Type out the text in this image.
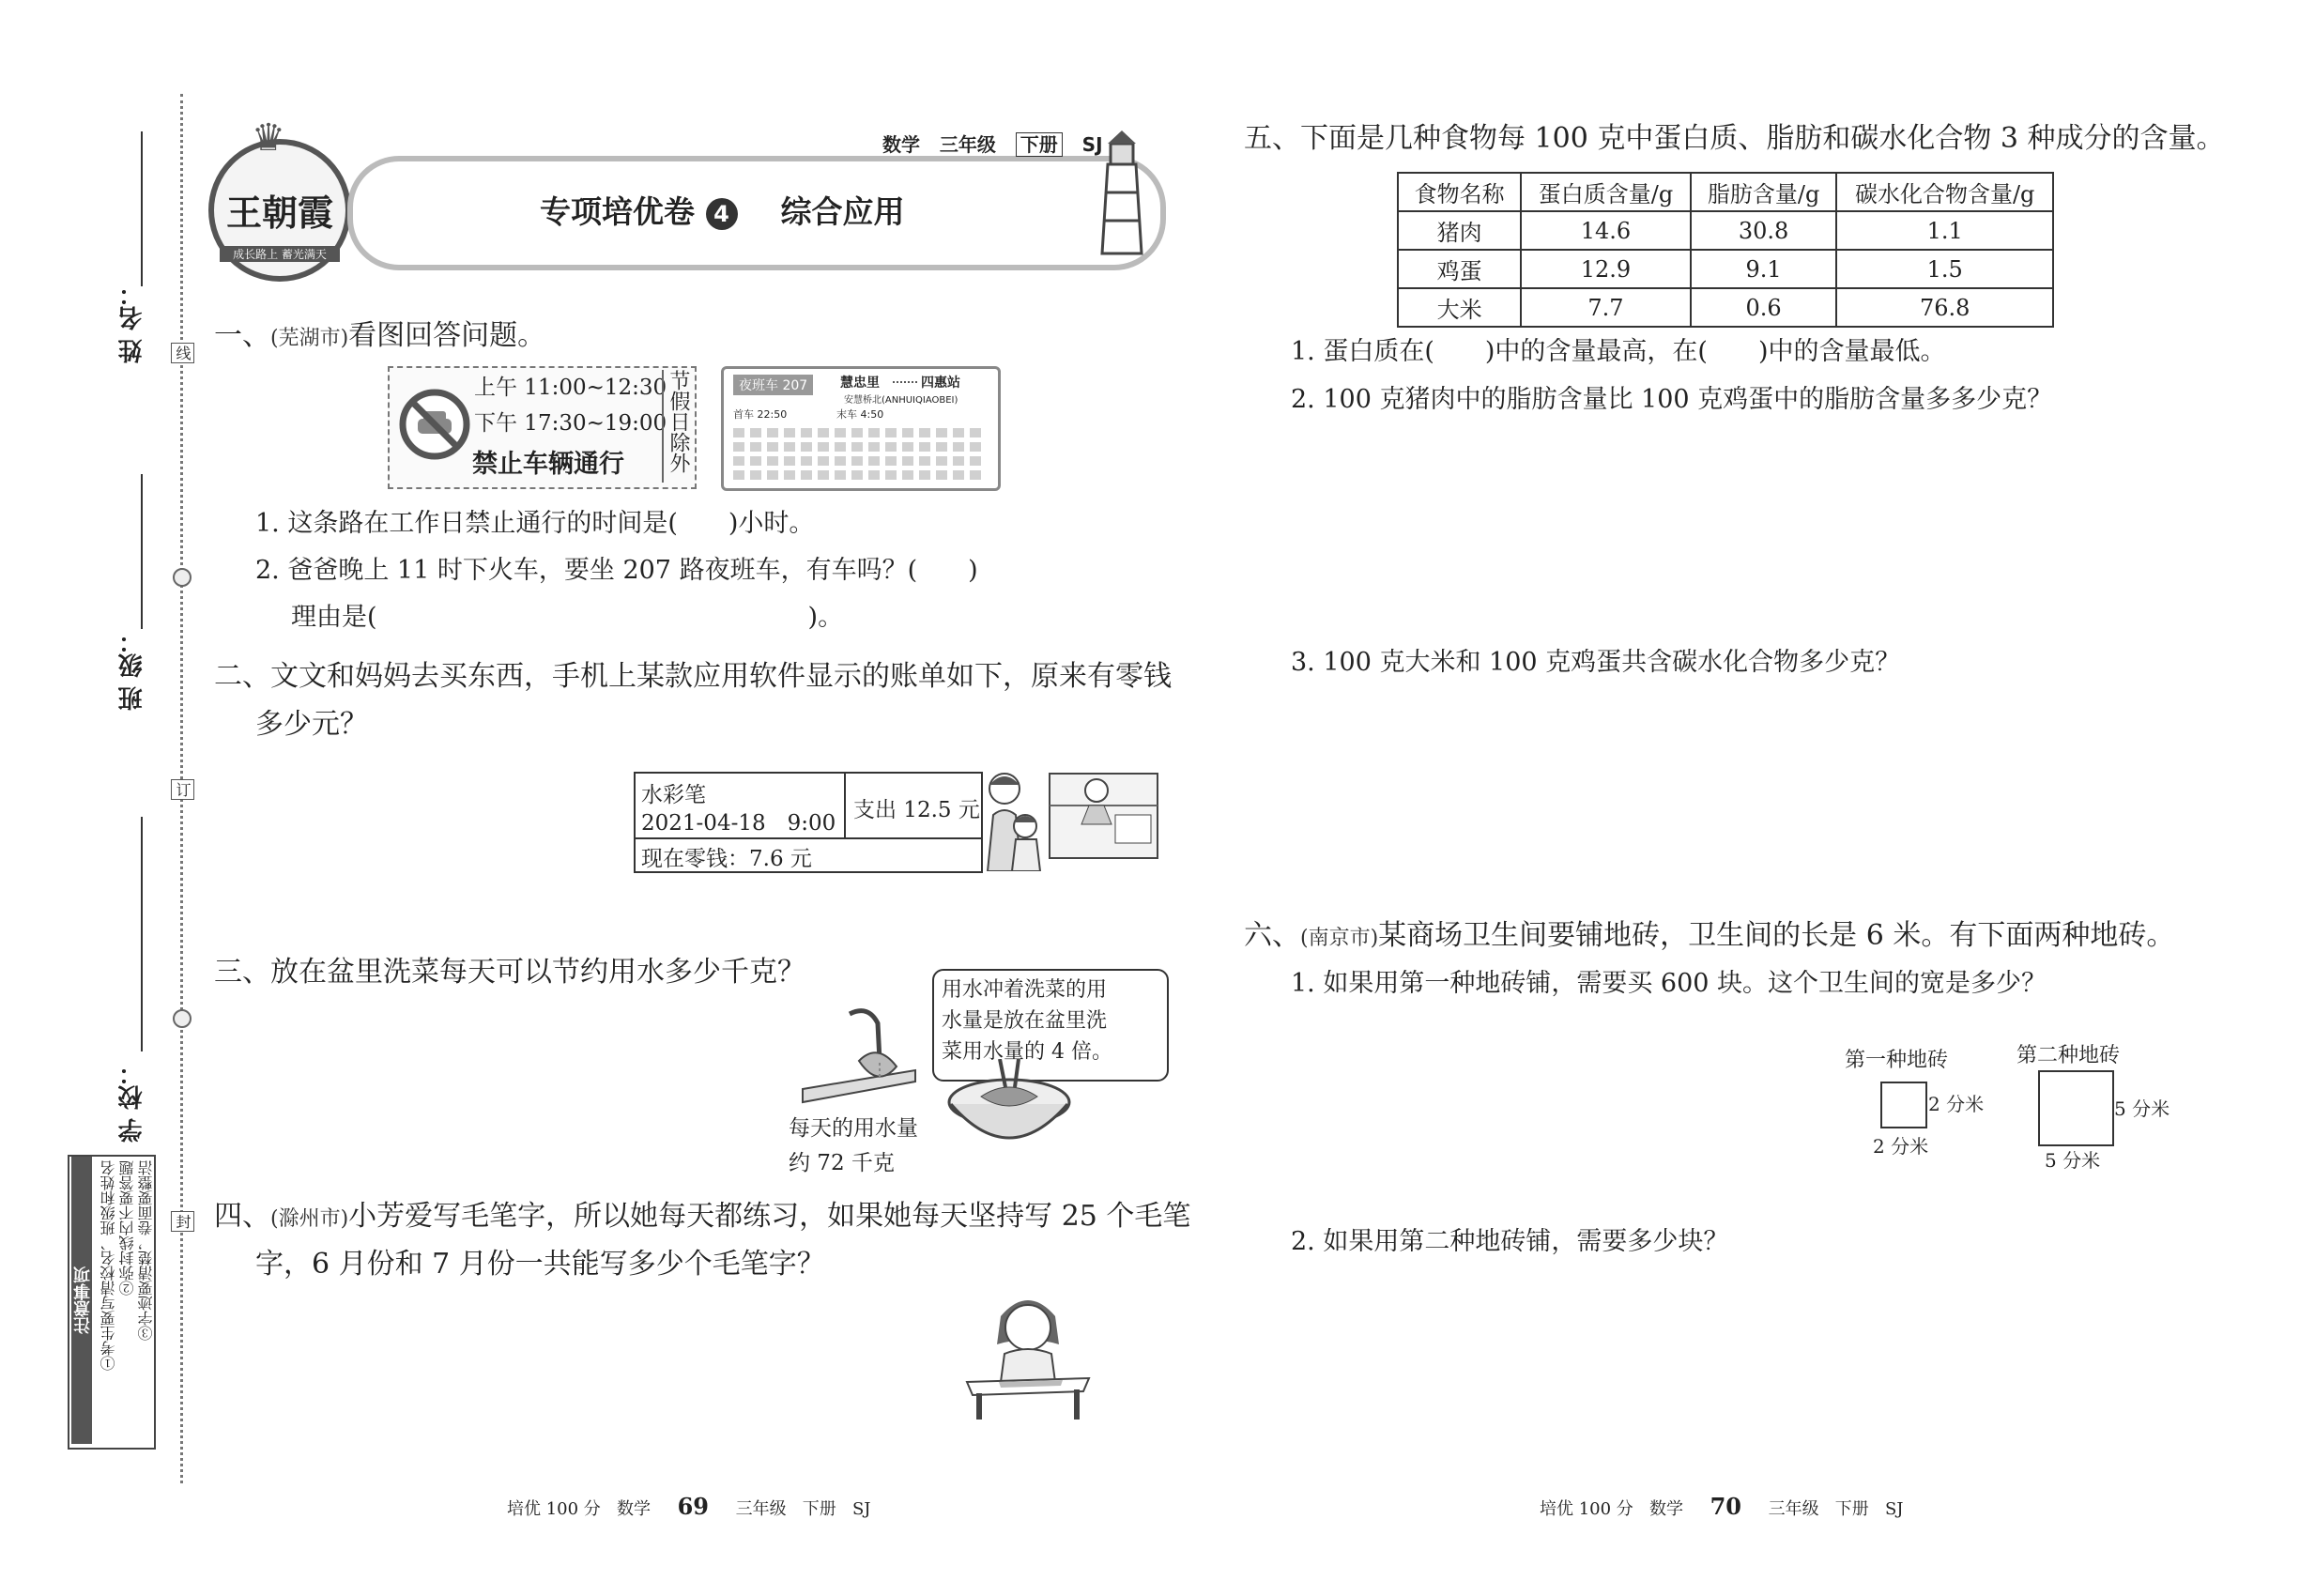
线
订
封
姓 名：
班 级：
学 校：
注意事项 ①考生要写清校名、班级和姓名 ②弥封线内不要答题 ③字迹要清楚，卷面要整洁
♛
王朝霞
成长路上 蓄光满天
数学 三年级 下册 SJ
专项培优卷 4 综合应用
一、(芜湖市)看图回答问题。
上午 11:00~12:30
下午 17:30~19:00
禁止车辆通行 节假日除外	夜班车 207	慧忠里	四惠站
安慧桥北(ANHUIQIAOBEI)
首车 22:50	末车 4:50
1. 这条路在工作日禁止通行的时间是(　　)小时。
2. 爸爸晚上 11 时下火车，要坐 207 路夜班车，有车吗？(　　)
理由是(　　　　　　　　　　　　　　　　　)。
二、文文和妈妈去买东西，手机上某款应用软件显示的账单如下，原来有零钱
多少元？
水彩笔
2021-04-18　9:00
支出 12.5 元
现在零钱：7.6 元
三、放在盆里洗菜每天可以节约用水多少千克？
用水冲着洗菜的用
水量是放在盆里洗
菜用水量的 4 倍。
每天的用水量
约 72 千克
四、(滁州市)小芳爱写毛笔字，所以她每天都练习，如果她每天坚持写 25 个毛笔
字，6 月份和 7 月份一共能写多少个毛笔字？
五、下面是几种食物每 100 克中蛋白质、脂肪和碳水化合物 3 种成分的含量。
食物名称	蛋白质含量/g	脂肪含量/g	碳水化合物含量/g
猪肉	14.6	30.8	1.1
鸡蛋	12.9	9.1	1.5
大米	7.7	0.6	76.8
1. 蛋白质在(　　)中的含量最高，在(　　)中的含量最低。
2. 100 克猪肉中的脂肪含量比 100 克鸡蛋中的脂肪含量多多少克？
3. 100 克大米和 100 克鸡蛋共含碳水化合物多少克？
六、(南京市)某商场卫生间要铺地砖，卫生间的长是 6 米。有下面两种地砖。
1. 如果用第一种地砖铺，需要买 600 块。这个卫生间的宽是多少？
第一种地砖
2 分米
2 分米
第二种地砖
5 分米
5 分米
2. 如果用第二种地砖铺，需要多少块？
培优 100 分 数学 69 三年级 下册 SJ	培优 100 分 数学 70 三年级 下册 SJ
